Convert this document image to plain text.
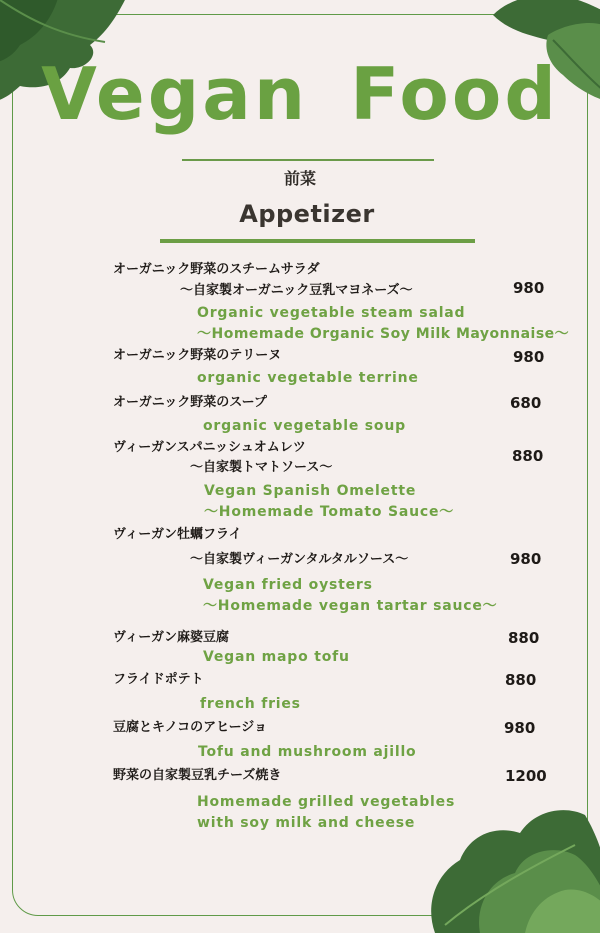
Vegan Food
前菜
Appetizer
オーガニック野菜のスチームサラダ
～自家製オーガニック豆乳マヨネーズ～	980
Organic vegetable steam salad
～Homemade Organic Soy Milk Mayonnaise～
オーガニック野菜のテリーヌ	980
organic vegetable terrine
オーガニック野菜のスープ	680
organic vegetable soup
ヴィーガンスパニッシュオムレツ
～自家製トマトソース～
880
Vegan Spanish Omelette
～Homemade Tomato Sauce～
ヴィーガン牡蠣フライ
～自家製ヴィーガンタルタルソース～	980
Vegan fried oysters
～Homemade vegan tartar sauce～
ヴィーガン麻婆豆腐	880
Vegan mapo tofu
フライドポテト	880
french fries
豆腐とキノコのアヒージョ	980
Tofu and mushroom ajillo
野菜の自家製豆乳チーズ焼き	1200
Homemade grilled vegetables
with soy milk and cheese
